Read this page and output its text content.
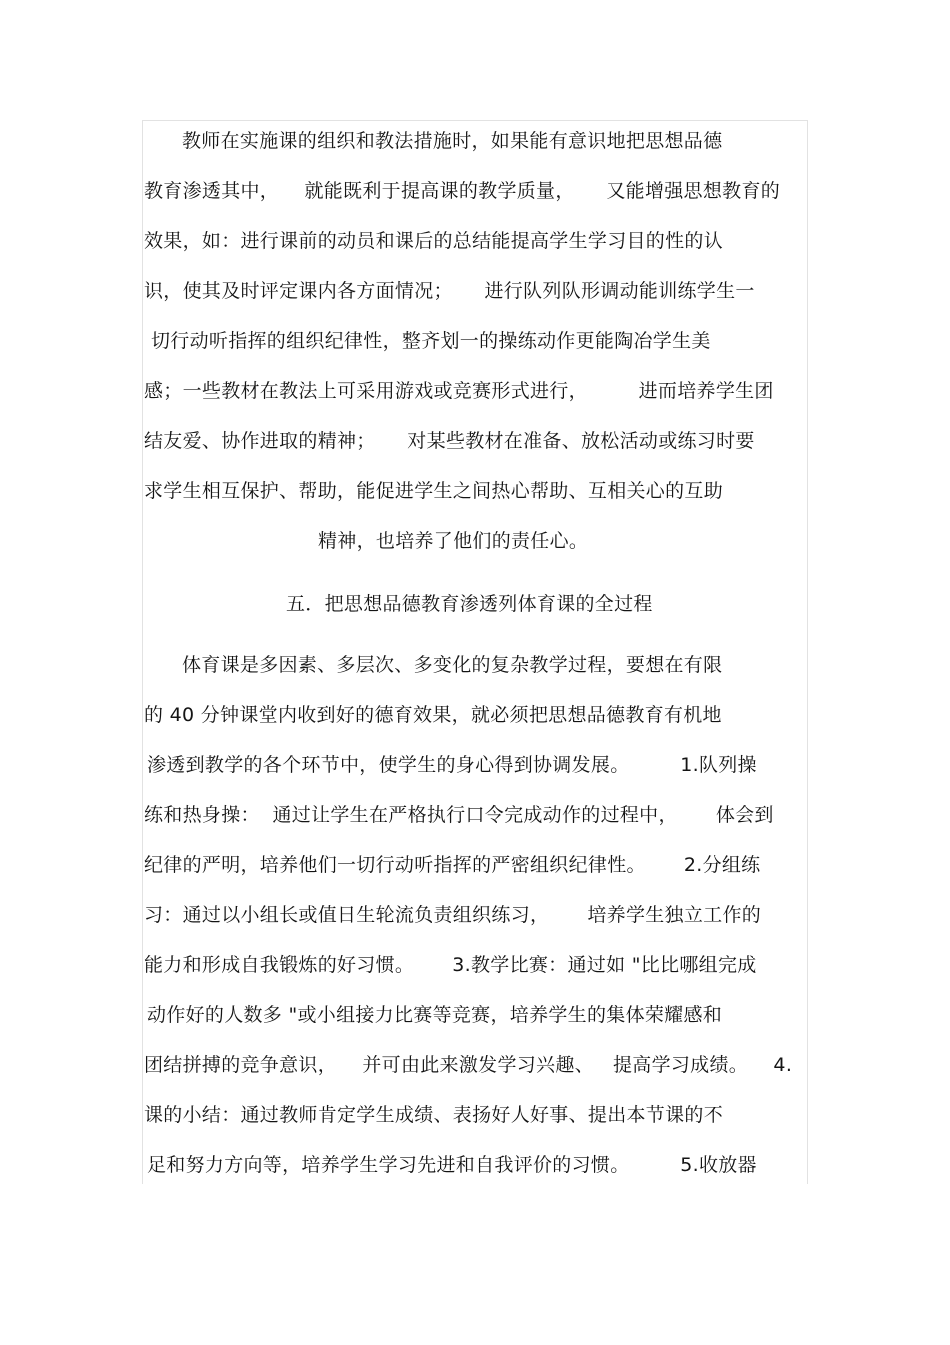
教师在实施课的组织和教法措施时，如果能有意识地把思想品德
教育渗透其中，    就能既利于提高课的教学质量，     又能增强思想教育的
效果，如：进行课前的动员和课后的总结能提高学生学习目的性的认
识，使其及时评定课内各方面情况；     进行队列队形调动能训练学生一
切行动听指挥的组织纪律性，整齐划一的操练动作更能陶冶学生美
感；一些教材在教法上可采用游戏或竞赛形式进行，        进而培养学生团
结友爱、协作进取的精神；     对某些教材在准备、放松活动或练习时要
求学生相互保护、帮助，能促进学生之间热心帮助、互相关心的互助
精神，也培养了他们的责任心。
五．把思想品德教育渗透列体育课的全过程
体育课是多因素、多层次、多变化的复杂教学过程，要想在有限
的 40 分钟课堂内收到好的德育效果，就必须把思想品德教育有机地
渗透到教学的各个环节中，使学生的身心得到协调发展。        1.队列操
练和热身操：  通过让学生在严格执行口令完成动作的过程中，      体会到
纪律的严明，培养他们一切行动听指挥的严密组织纪律性。      2.分组练
习：通过以小组长或值日生轮流负责组织练习，      培养学生独立工作的
能力和形成自我锻炼的好习惯。      3.教学比赛：通过如 "比比哪组完成
动作好的人数多 "或小组接力比赛等竞赛，培养学生的集体荣耀感和
团结拼搏的竞争意识，    并可由此来激发学习兴趣、   提高学习成绩。    4.
课的小结：通过教师肯定学生成绩、表扬好人好事、提出本节课的不
足和努力方向等，培养学生学习先进和自我评价的习惯。        5.收放器
